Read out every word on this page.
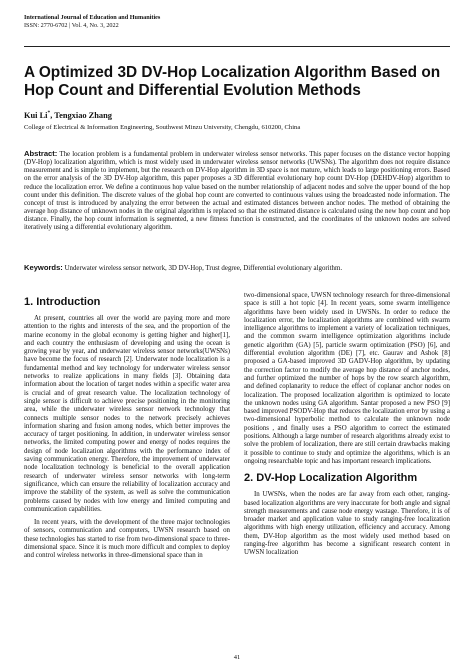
International Journal of Education and Humanities
ISSN: 2770-6702 | Vol. 4, No. 3, 2022
A Optimized 3D DV-Hop Localization Algorithm Based on Hop Count and Differential Evolution Methods
Kui Li*, Tengxiao Zhang
College of Electrical & Information Engineering, Southwest Minzu University, Chengdu, 610200, China
Abstract: The location problem is a fundamental problem in underwater wireless sensor networks. This paper focuses on the distance vector hopping (DV-Hop) localization algorithm, which is most widely used in underwater wireless sensor networks (UWSNs). The algorithm does not require distance measurement and is simple to implement, but the research on DV-Hop algorithm in 3D space is not mature, which leads to large positioning errors. Based on the error analysis of the 3D DV-Hop algorithm, this paper proposes a 3D differential evolutionary hop count DV-Hop (DEHDV-Hop) algorithm to reduce the localization error. We define a continuous hop value based on the number relationship of adjacent nodes and solve the upper bound of the hop count under this definition. The discrete values of the global hop count are converted to continuous values using the broadcasted node information. The concept of trust is introduced by analyzing the error between the actual and estimated distances between anchor nodes. The method of obtaining the average hop distance of unknown nodes in the original algorithm is replaced so that the estimated distance is calculated using the new hop count and hop distance. Finally, the hop count information is segmented, a new fitness function is constructed, and the coordinates of the unknown nodes are solved iteratively using a differential evolutionary algorithm.
Keywords: Underwater wireless sensor network, 3D DV-Hop, Trust degree, Differential evolutionary algorithm.
1. Introduction

At present, countries all over the world are paying more and more attention to the rights and interests of the sea, and the proportion of the marine economy in the global economy is getting higher and higher[1], and each country the enthusiasm of developing and using the ocean is growing year by year, and underwater wireless sensor networks(UWSNs) have become the focus of research [2]. Underwater node localization is a fundamental method and key technology for underwater wireless sensor networks to realize applications in many fields [3]. Obtaining data information about the location of target nodes within a specific water area is crucial and of great research value. The localization technology of single sensor is difficult to achieve precise positioning in the monitoring area, while the underwater wireless sensor network technology that connects multiple sensor nodes to the network precisely achieves information sharing and fusion among nodes, which better improves the accuracy of target positioning. In addition, in underwater wireless sensor networks, the limited computing power and energy of nodes requires the design of node localization algorithms with the performance index of saving communication energy. Therefore, the improvement of underwater node localization technology is beneficial to the overall application research of underwater wireless sensor networks with long-term significance, which can ensure the reliability of localization accuracy and improve the stability of the system, as well as solve the communication problems caused by nodes with low energy and limited computing and communication capabilities.

In recent years, with the development of the three major technologies of sensors, communication and computers, UWSN research based on these technologies has started to rise from two-dimensional space to three-dimensional space. Since it is much more difficult and complex to deploy and control wireless networks in three-dimensional space than in

two-dimensional space, UWSN technology research for three-dimensional space is still a hot topic [4]. In recent years, some swarm intelligence algorithms have been widely used in UWSNs. In order to reduce the localization error, the localization algorithms are combined with swarm intelligence algorithms to implement a variety of localization techniques, and the common swarm intelligence optimization algorithms include genetic algorithm (GA) [5], particle swarm optimization (PSO) [6], and differential evolution algorithm (DE) [7], etc. Gaurav and Ashok [8] proposed a GA-based improved 3D GADV-Hop algorithm, by updating the correction factor to modify the average hop distance of anchor nodes, and further optimized the number of hops by the row search algorithm, and defined coplanarity to reduce the effect of coplanar anchor nodes on localization. The proposed localization algorithm is optimized to locate the unknown nodes using GA algorithm. Santar proposed a new PSO [9] based improved PSODV-Hop that reduces the localization error by using a two-dimensional hyperbolic method to calculate the unknown node positions , and finally uses a PSO algorithm to correct the estimated positions. Although a large number of research algorithms already exist to solve the problem of localization, there are still certain drawbacks making it possible to continue to study and optimize the algorithms, which is an ongoing researchable topic and has important research implications.

2. DV-Hop Localization Algorithm

In UWSNs, when the nodes are far away from each other, ranging-based localization algorithms are very inaccurate for both angle and signal strength measurements and cause node energy wastage. Therefore, it is of broader market and application value to study ranging-free localization algorithms with high energy utilization, efficiency and accuracy. Among them, DV-Hop algorithm as the most widely used method based on ranging-free algorithm has become a significant research content in UWSN localization

41
